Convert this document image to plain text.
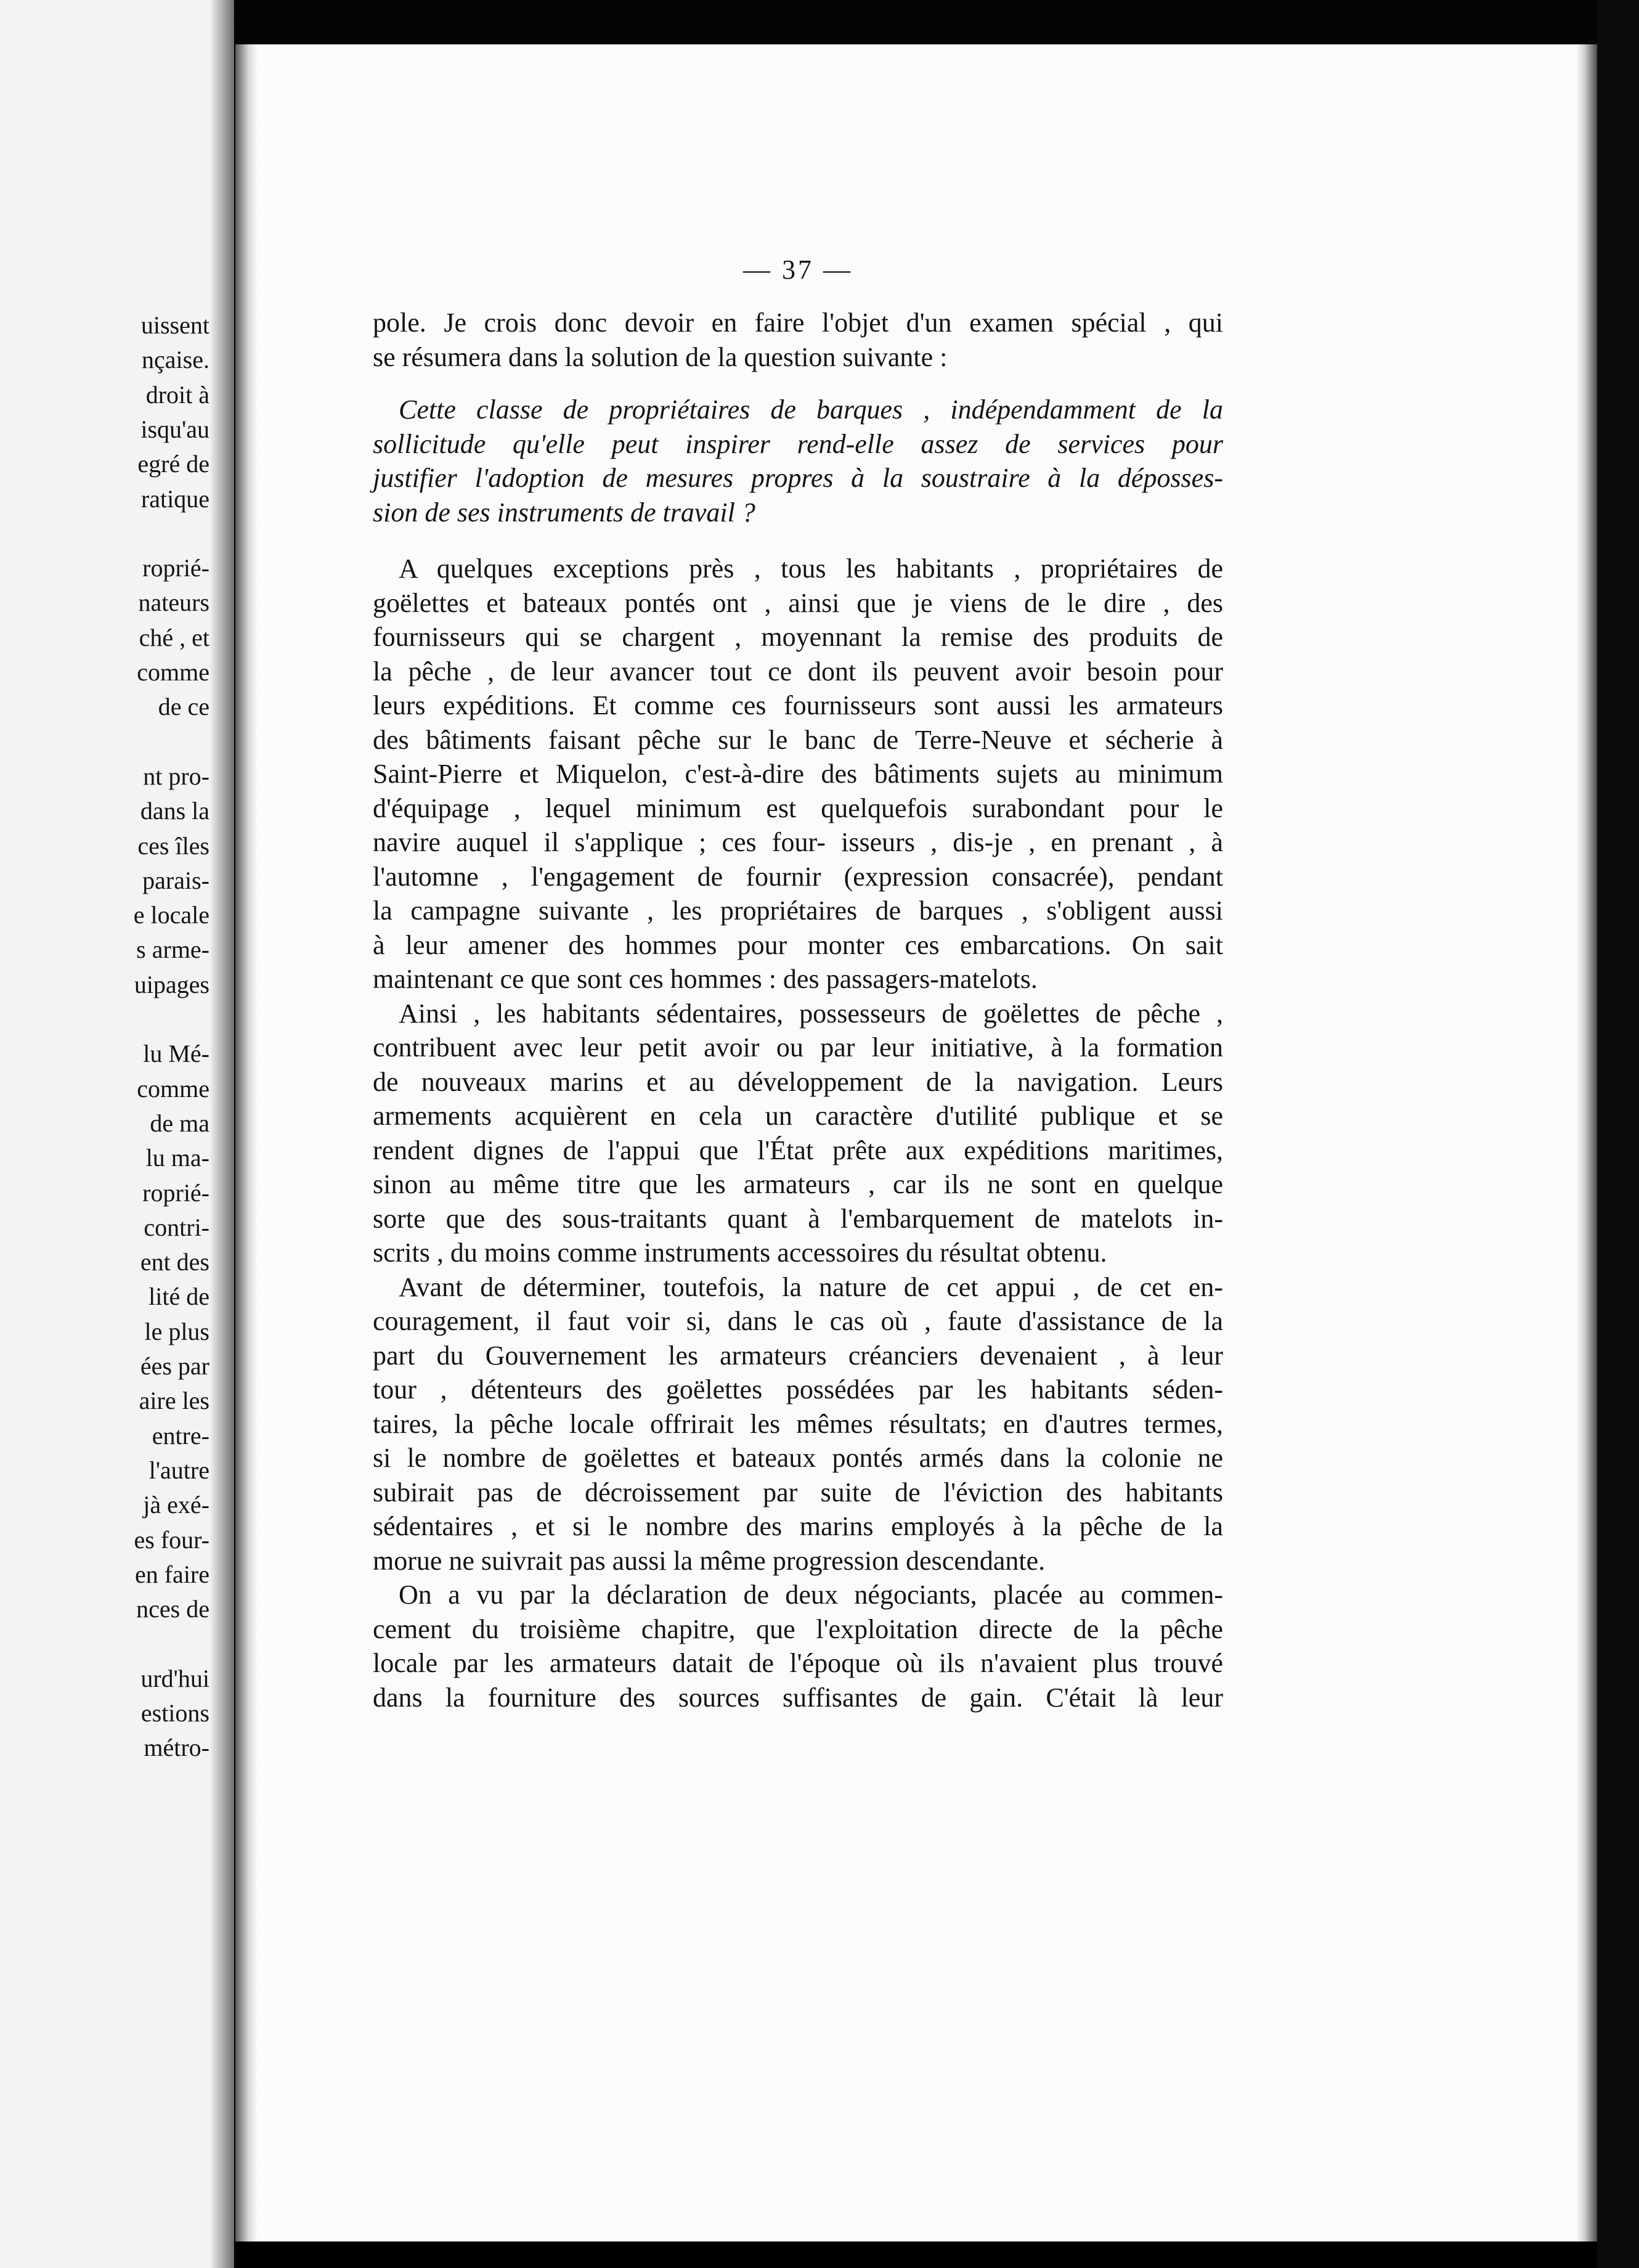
uissent
nçaise.
droit à
isqu'au
egré de
ratique
roprié-
nateurs
ché , et
comme
de ce
nt pro-
dans la
ces îles
parais-
e locale
s arme-
uipages
lu Mé-
comme
de ma
lu ma-
roprié-
contri-
ent des
lité de
le plus
ées par
aire les
entre-
l'autre
jà exé-
es four-
en faire
nces de
urd'hui
estions
métro-
— 37 —
pole. Je crois donc devoir en faire l'objet d'un examen spécial , qui
se résumera dans la solution de la question suivante :
Cette classe de propriétaires de barques , indépendamment de la
sollicitude qu'elle peut inspirer rend-elle assez de services pour
justifier l'adoption de mesures propres à la soustraire à la déposses-
sion de ses instruments de travail ?
A quelques exceptions près , tous les habitants , propriétaires de
goëlettes et bateaux pontés ont , ainsi que je viens de le dire , des
fournisseurs qui se chargent , moyennant la remise des produits de
la pêche , de leur avancer tout ce dont ils peuvent avoir besoin pour
leurs expéditions. Et comme ces fournisseurs sont aussi les armateurs
des bâtiments faisant pêche sur le banc de Terre-Neuve et sécherie à
Saint-Pierre et Miquelon, c'est-à-dire des bâtiments sujets au minimum
d'équipage , lequel minimum est quelquefois surabondant pour le
navire auquel il s'applique ; ces four- isseurs , dis-je , en prenant , à
l'automne , l'engagement de fournir (expression consacrée), pendant
la campagne suivante , les propriétaires de barques , s'obligent aussi
à leur amener des hommes pour monter ces embarcations. On sait
maintenant ce que sont ces hommes : des passagers-matelots.
Ainsi , les habitants sédentaires, possesseurs de goëlettes de pêche ,
contribuent avec leur petit avoir ou par leur initiative, à la formation
de nouveaux marins et au développement de la navigation. Leurs
armements acquièrent en cela un caractère d'utilité publique et se
rendent dignes de l'appui que l'État prête aux expéditions maritimes,
sinon au même titre que les armateurs , car ils ne sont en quelque
sorte que des sous-traitants quant à l'embarquement de matelots in-
scrits , du moins comme instruments accessoires du résultat obtenu.
Avant de déterminer, toutefois, la nature de cet appui , de cet en-
couragement, il faut voir si, dans le cas où , faute d'assistance de la
part du Gouvernement les armateurs créanciers devenaient , à leur
tour , détenteurs des goëlettes possédées par les habitants séden-
taires, la pêche locale offrirait les mêmes résultats; en d'autres termes,
si le nombre de goëlettes et bateaux pontés armés dans la colonie ne
subirait pas de décroissement par suite de l'éviction des habitants
sédentaires , et si le nombre des marins employés à la pêche de la
morue ne suivrait pas aussi la même progression descendante.
On a vu par la déclaration de deux négociants, placée au commen-
cement du troisième chapitre, que l'exploitation directe de la pêche
locale par les armateurs datait de l'époque où ils n'avaient plus trouvé
dans la fourniture des sources suffisantes de gain. C'était là leur
